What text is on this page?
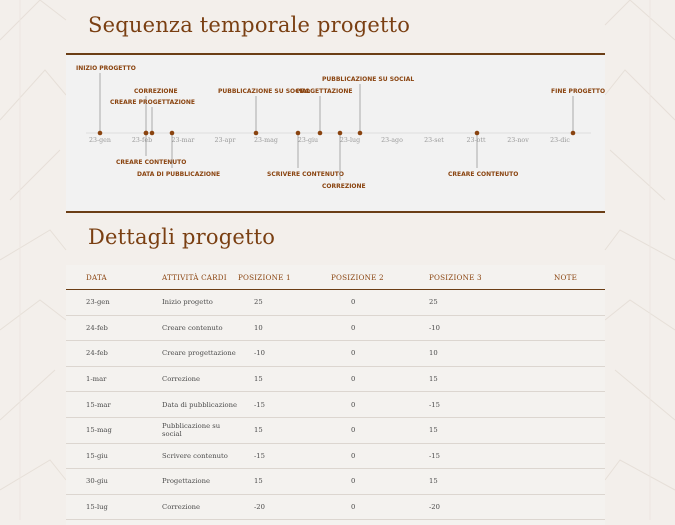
Sequenza temporale progetto
23-gen	23-feb	23-mar	23-apr	23-mag	23-giu	23-lug	23-ago	23-set	23-ott	23-nov	23-dic
INIZIO PROGETTO
CORREZIONE
CREARE PROGETTAZIONE
PUBBLICAZIONE SU SOCIAL
PROGETTAZIONE
PUBBLICAZIONE SU SOCIAL
FINE PROGETTO
CREARE CONTENUTO
DATA DI PUBBLICAZIONE	SCRIVERE CONTENUTO
CORREZIONE
CREARE CONTENUTO
Dettagli progetto
DATA	ATTIVITÀ CARDI	POSIZIONE 1	POSIZIONE 2	POSIZIONE 3	NOTE
23-gen	Inizio progetto	25	0	25	
24-feb	Creare contenuto	10	0	-10	
24-feb	Creare progettazione	-10	0	10	
1-mar	Correzione	15	0	15	
15-mar	Data di pubblicazione	-15	0	-15	
15-mag	Pubblicazione su social	15	0	15	
15-giu	Scrivere contenuto	-15	0	-15	
30-giu	Progettazione	15	0	15	
15-lug	Correzione	-20	0	-20	
